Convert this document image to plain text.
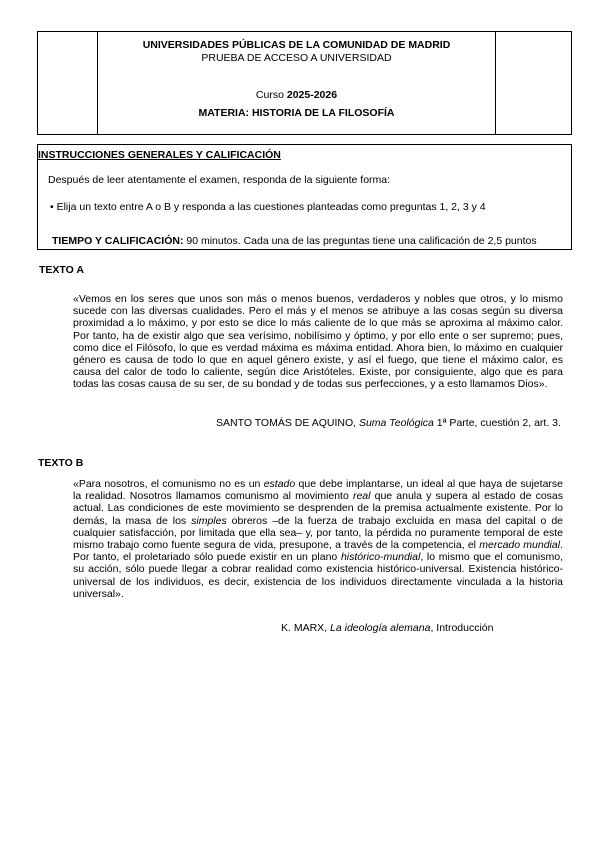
UNIVERSIDADES PÚBLICAS DE LA COMUNIDAD DE MADRID
PRUEBA DE ACCESO A UNIVERSIDAD
Curso 2025-2026
MATERIA: HISTORIA DE LA FILOSOFÍA
INSTRUCCIONES GENERALES Y CALIFICACIÓN
Después de leer atentamente el examen, responda de la siguiente forma:
• Elija un texto entre A o B y responda a las cuestiones planteadas como preguntas 1, 2, 3 y 4
TIEMPO Y CALIFICACIÓN: 90 minutos. Cada una de las preguntas tiene una calificación de 2,5 puntos
TEXTO A
«Vemos en los seres que unos son más o menos buenos, verdaderos y nobles que otros, y lo mismo sucede con las diversas cualidades. Pero el más y el menos se atribuye a las cosas según su diversa proximidad a lo máximo, y por esto se dice lo más caliente de lo que más se aproxima al máximo calor. Por tanto, ha de existir algo que sea verísimo, nobilísimo y óptimo, y por ello ente o ser supremo; pues, como dice el Filósofo, lo que es verdad máxima es máxima entidad. Ahora bien, lo máximo en cualquier género es causa de todo lo que en aquel género existe, y así el fuego, que tiene el máximo calor, es causa del calor de todo lo caliente, según dice Aristóteles. Existe, por consiguiente, algo que es para todas las cosas causa de su ser, de su bondad y de todas sus perfecciones, y a esto llamamos Dios».
SANTO TOMÁS DE AQUINO, Suma Teológica 1ª Parte, cuestión 2, art. 3.
TEXTO B
«Para nosotros, el comunismo no es un estado que debe implantarse, un ideal al que haya de sujetarse la realidad. Nosotros llamamos comunismo al movimiento real que anula y supera al estado de cosas actual. Las condiciones de este movimiento se desprenden de la premisa actualmente existente. Por lo demás, la masa de los simples obreros –de la fuerza de trabajo excluida en masa del capital o de cualquier satisfacción, por limitada que ella sea– y, por tanto, la pérdida no puramente temporal de este mismo trabajo como fuente segura de vida, presupone, a través de la competencia, el mercado mundial. Por tanto, el proletariado sólo puede existir en un plano histórico-mundial, lo mismo que el comunismo, su acción, sólo puede llegar a cobrar realidad como existencia histórico-universal. Existencia histórico-universal de los individuos, es decir, existencia de los individuos directamente vinculada a la historia universal».
K. MARX, La ideología alemana, Introducción
